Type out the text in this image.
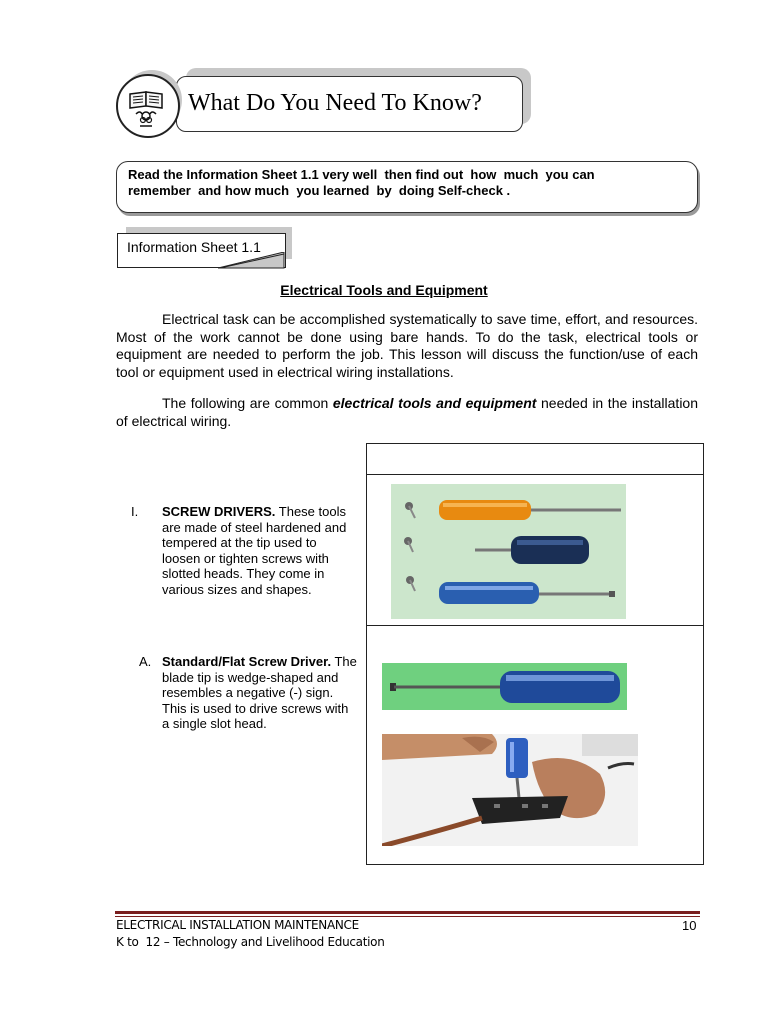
What Do You Need To Know?
Read the Information Sheet 1.1 very well  then find out  how  much  you can
remember  and how much  you learned  by  doing Self-check .
Information Sheet 1.1
Electrical Tools and Equipment
Electrical task can be accomplished systematically to save time, effort, and resources. Most of the work cannot be done using bare hands. To do the task, electrical tools or equipment are needed to perform the job. This lesson will discuss the function/use of each tool or equipment used in electrical wiring installations.
The following are common electrical tools and equipment needed in the installation of electrical wiring.
I. SCREW DRIVERS. These tools are made of steel hardened and tempered at the tip used to loosen or tighten screws with slotted heads. They come in various sizes and shapes.
A. Standard/Flat Screw Driver. The blade tip is wedge-shaped and resembles a negative (-) sign. This is used to drive screws with a single slot head.
ELECTRICAL INSTALLATION MAINTENANCE
K to  12 – Technology and Livelihood Education
10
